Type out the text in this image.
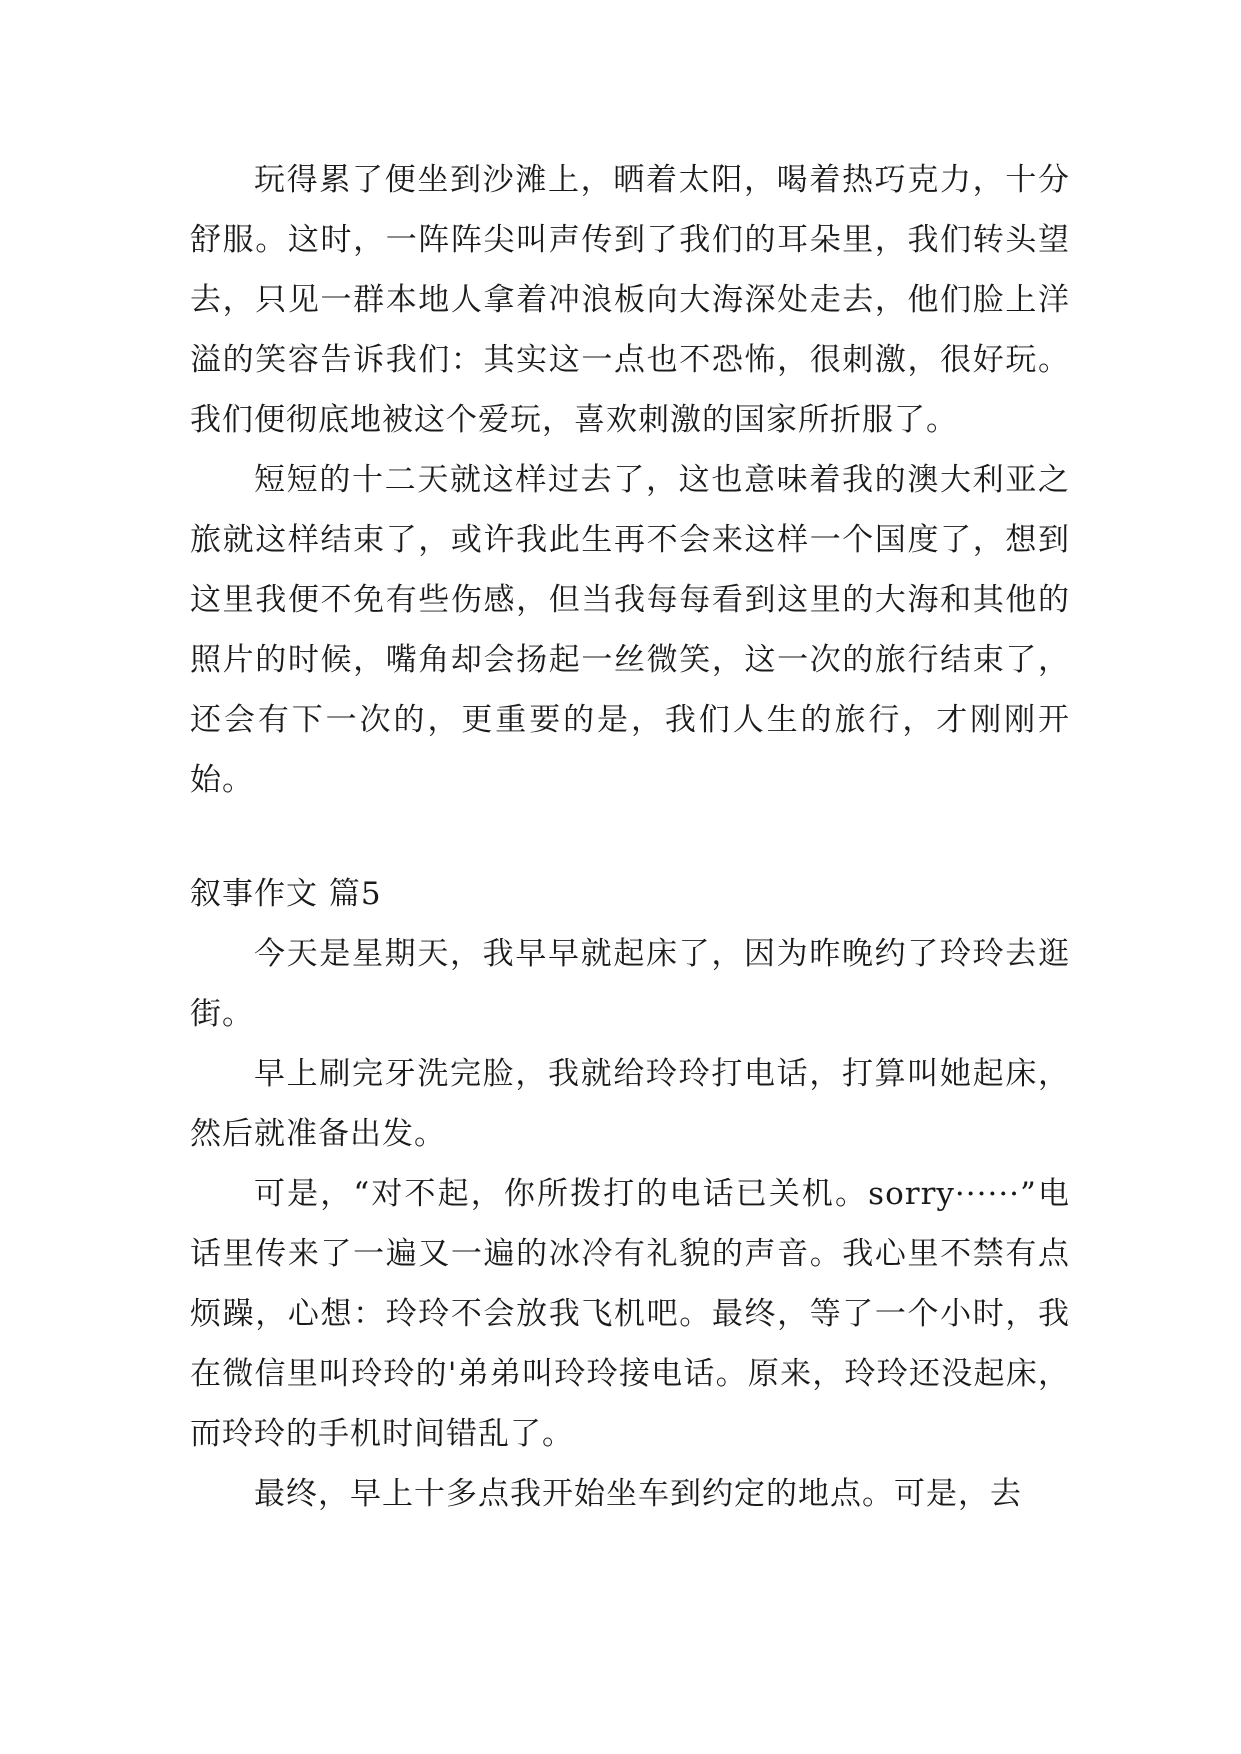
玩得累了便坐到沙滩上，晒着太阳，喝着热巧克力，十分舒服。这时，一阵阵尖叫声传到了我们的耳朵里，我们转头望去，只见一群本地人拿着冲浪板向大海深处走去，他们脸上洋溢的笑容告诉我们：其实这一点也不恐怖，很刺激，很好玩。我们便彻底地被这个爱玩，喜欢刺激的国家所折服了。

短短的十二天就这样过去了，这也意味着我的澳大利亚之旅就这样结束了，或许我此生再不会来这样一个国度了，想到这里我便不免有些伤感，但当我每每看到这里的大海和其他的照片的时候，嘴角却会扬起一丝微笑，这一次的旅行结束了，还会有下一次的，更重要的是，我们人生的旅行，才刚刚开始。

叙事作文 篇5

今天是星期天，我早早就起床了，因为昨晚约了玲玲去逛街。

早上刷完牙洗完脸，我就给玲玲打电话，打算叫她起床，然后就准备出发。

可是，“对不起，你所拨打的电话已关机。sorry······”电话里传来了一遍又一遍的冰冷有礼貌的声音。我心里不禁有点烦躁，心想：玲玲不会放我飞机吧。最终，等了一个小时，我在微信里叫玲玲的'弟弟叫玲玲接电话。原来，玲玲还没起床，而玲玲的手机时间错乱了。

最终，早上十多点我开始坐车到约定的地点。可是，去
